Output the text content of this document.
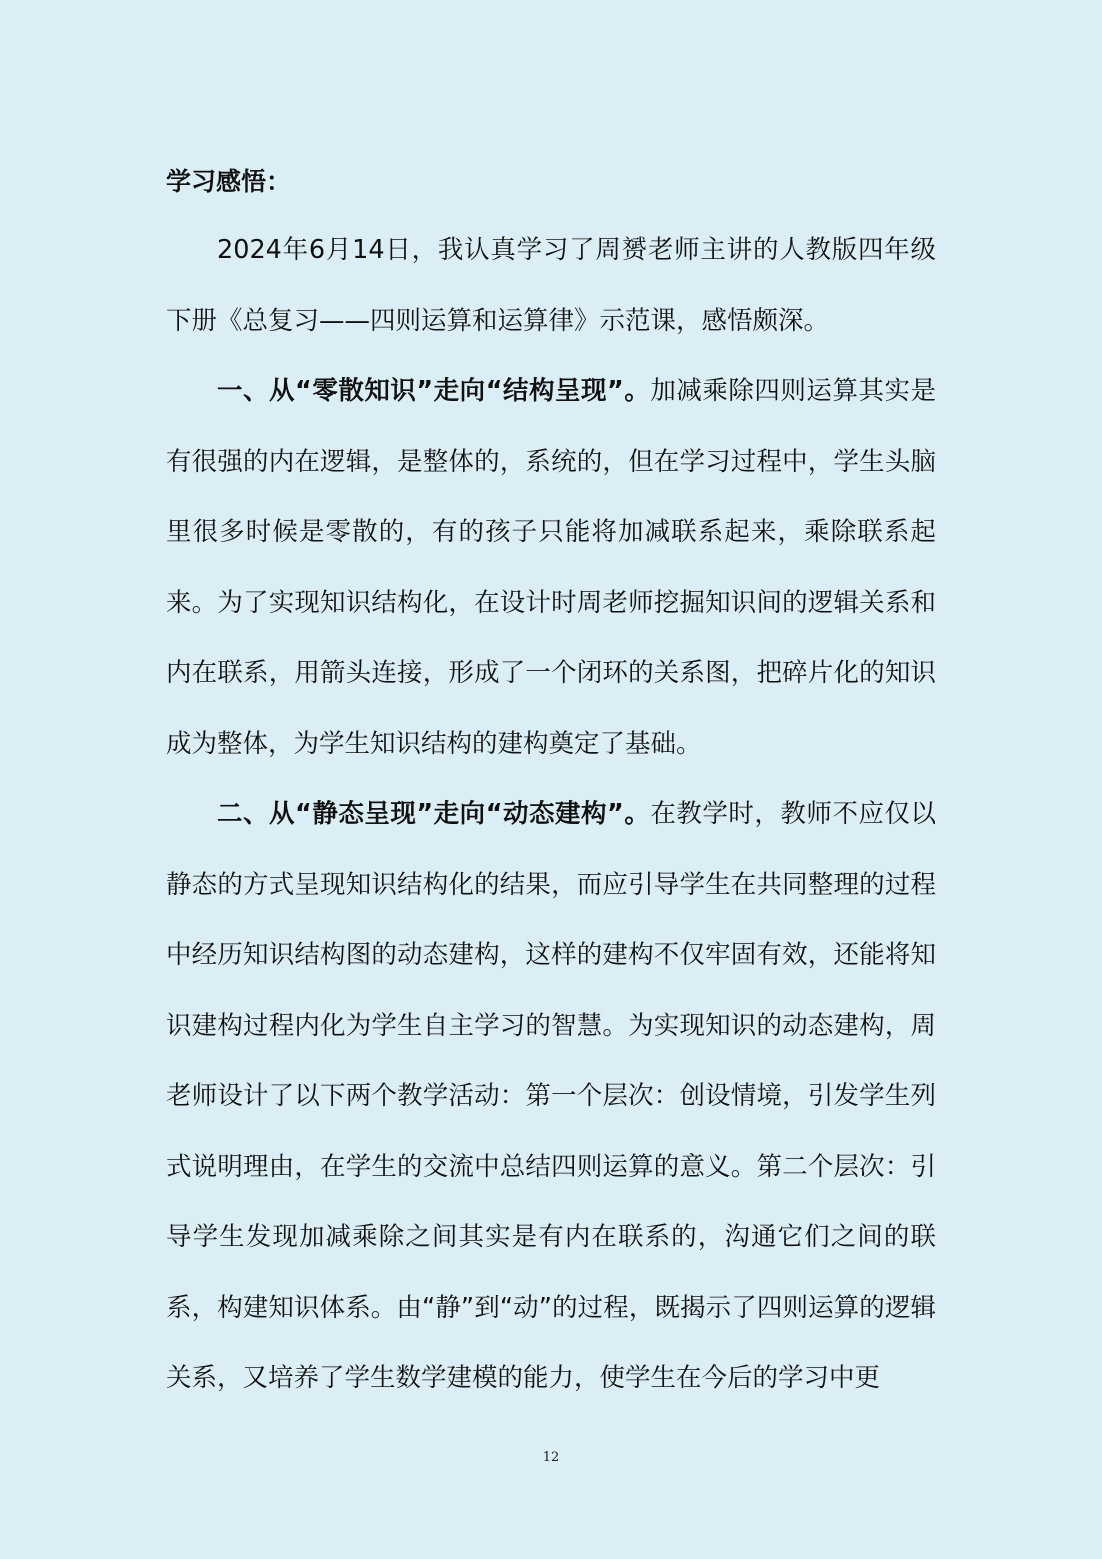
学习感悟：

2024年6月14日，我认真学习了周赟老师主讲的人教版四年级下册《总复习——四则运算和运算律》示范课，感悟颇深。

一、从“零散知识”走向“结构呈现”。加减乘除四则运算其实是有很强的内在逻辑，是整体的，系统的，但在学习过程中，学生头脑里很多时候是零散的，有的孩子只能将加减联系起来，乘除联系起来。为了实现知识结构化，在设计时周老师挖掘知识间的逻辑关系和内在联系，用箭头连接，形成了一个闭环的关系图，把碎片化的知识成为整体，为学生知识结构的建构奠定了基础。

二、从“静态呈现”走向“动态建构”。在教学时，教师不应仅以静态的方式呈现知识结构化的结果，而应引导学生在共同整理的过程中经历知识结构图的动态建构，这样的建构不仅牢固有效，还能将知识建构过程内化为学生自主学习的智慧。为实现知识的动态建构，周老师设计了以下两个教学活动：第一个层次：创设情境，引发学生列式说明理由，在学生的交流中总结四则运算的意义。第二个层次：引导学生发现加减乘除之间其实是有内在联系的，沟通它们之间的联系，构建知识体系。由“静”到“动”的过程，既揭示了四则运算的逻辑关系，又培养了学生数学建模的能力，使学生在今后的学习中更

12
